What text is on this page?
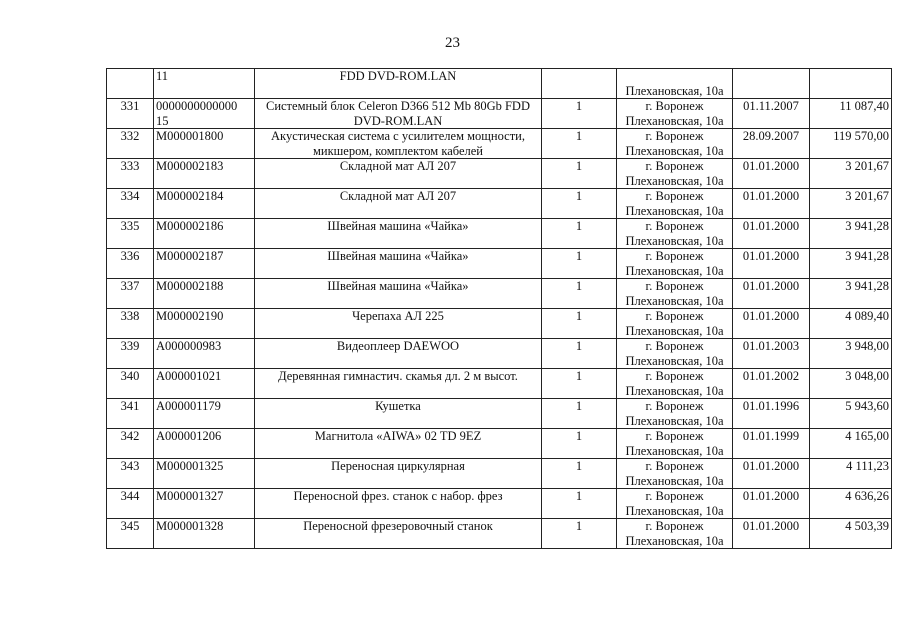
23
	11	FDD DVD-ROM.LAN		Плехановская, 10а		
331	0000000000000 15	Системный блок Celeron D366 512 Mb 80Gb FDD DVD-ROM.LAN	1	г. Воронеж
Плехановская, 10а	01.11.2007	11 087,40
332	М000001800	Акустическая система с усилителем мощности, микшером, комплектом кабелей	1	г. Воронеж
Плехановская, 10а	28.09.2007	119 570,00
333	М000002183	Складной мат АЛ 207	1	г. Воронеж
Плехановская, 10а	01.01.2000	3 201,67
334	М000002184	Складной мат АЛ 207	1	г. Воронеж
Плехановская, 10а	01.01.2000	3 201,67
335	М000002186	Швейная машина «Чайка»	1	г. Воронеж
Плехановская, 10а	01.01.2000	3 941,28
336	М000002187	Швейная машина «Чайка»	1	г. Воронеж
Плехановская, 10а	01.01.2000	3 941,28
337	М000002188	Швейная машина «Чайка»	1	г. Воронеж
Плехановская, 10а	01.01.2000	3 941,28
338	М000002190	Черепаха АЛ 225	1	г. Воронеж
Плехановская, 10а	01.01.2000	4 089,40
339	А000000983	Видеоплеер DAEWOO	1	г. Воронеж
Плехановская, 10а	01.01.2003	3 948,00
340	А000001021	Деревянная гимнастич. скамья дл. 2 м высот.	1	г. Воронеж
Плехановская, 10а	01.01.2002	3 048,00
341	А000001179	Кушетка	1	г. Воронеж
Плехановская, 10а	01.01.1996	5 943,60
342	А000001206	Магнитола «AIWA» 02 TD 9EZ	1	г. Воронеж
Плехановская, 10а	01.01.1999	4 165,00
343	М000001325	Переносная циркулярная	1	г. Воронеж
Плехановская, 10а	01.01.2000	4 111,23
344	М000001327	Переносной фрез. станок с набор. фрез	1	г. Воронеж
Плехановская, 10а	01.01.2000	4 636,26
345	М000001328	Переносной фрезеровочный станок	1	г. Воронеж
Плехановская, 10а	01.01.2000	4 503,39
